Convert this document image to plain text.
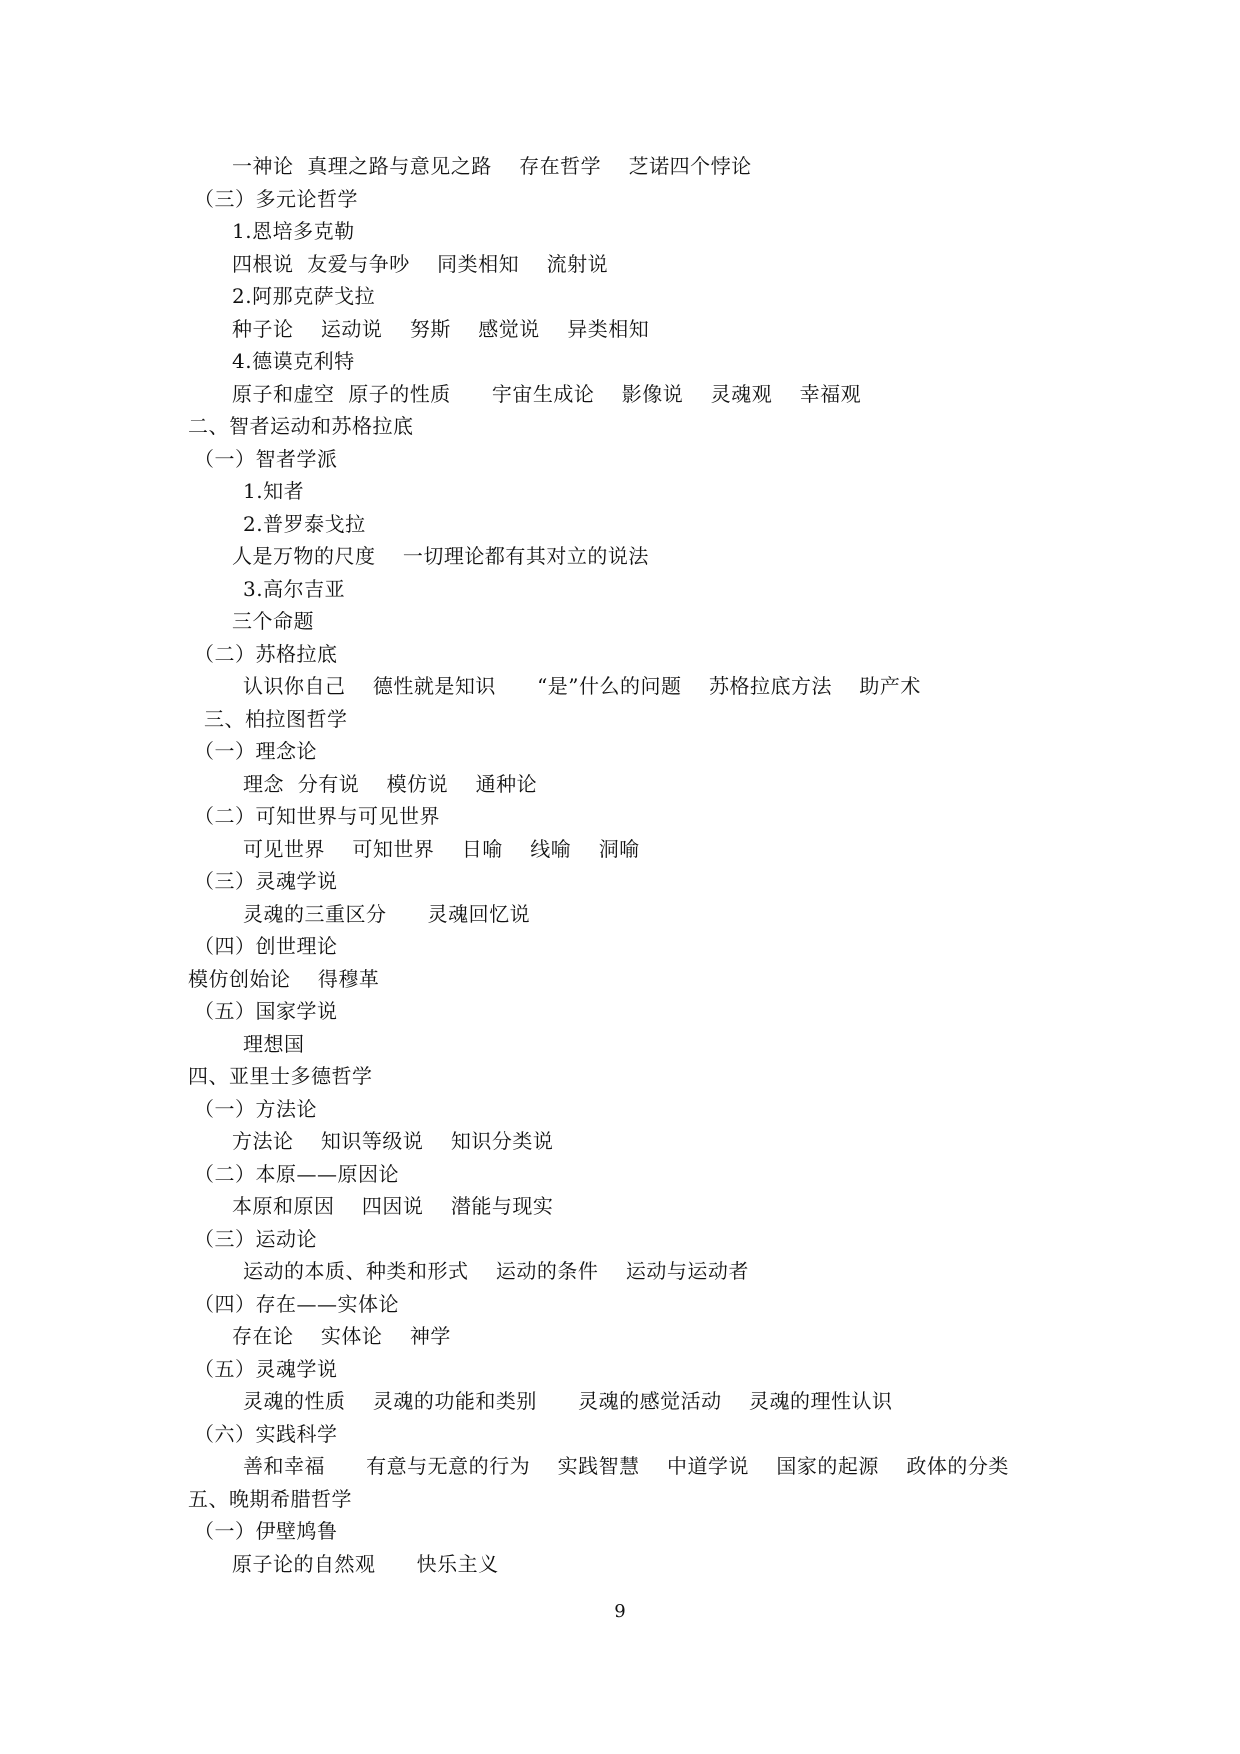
一神论  真理之路与意见之路    存在哲学    芝诺四个悖论
（三）多元论哲学
1.恩培多克勒
四根说  友爱与争吵    同类相知    流射说
2.阿那克萨戈拉
种子论    运动说    努斯    感觉说    异类相知
4.德谟克利特
原子和虚空  原子的性质      宇宙生成论    影像说    灵魂观    幸福观
二、智者运动和苏格拉底
（一）智者学派
1.知者
2.普罗泰戈拉
人是万物的尺度    一切理论都有其对立的说法
3.高尔吉亚
三个命题
（二）苏格拉底
认识你自己    德性就是知识      “是”什么的问题    苏格拉底方法    助产术
三、柏拉图哲学
（一）理念论
理念  分有说    模仿说    通种论
（二）可知世界与可见世界
可见世界    可知世界    日喻    线喻    洞喻
（三）灵魂学说
灵魂的三重区分      灵魂回忆说
（四）创世理论
模仿创始论    得穆革
（五）国家学说
理想国
四、亚里士多德哲学
（一）方法论
方法论    知识等级说    知识分类说
（二）本原——原因论
本原和原因    四因说    潜能与现实
（三）运动论
运动的本质、种类和形式    运动的条件    运动与运动者
（四）存在——实体论
存在论    实体论    神学
（五）灵魂学说
灵魂的性质    灵魂的功能和类别      灵魂的感觉活动    灵魂的理性认识
（六）实践科学
善和幸福      有意与无意的行为    实践智慧    中道学说    国家的起源    政体的分类
五、晚期希腊哲学
（一）伊壁鸠鲁
原子论的自然观      快乐主义
9
